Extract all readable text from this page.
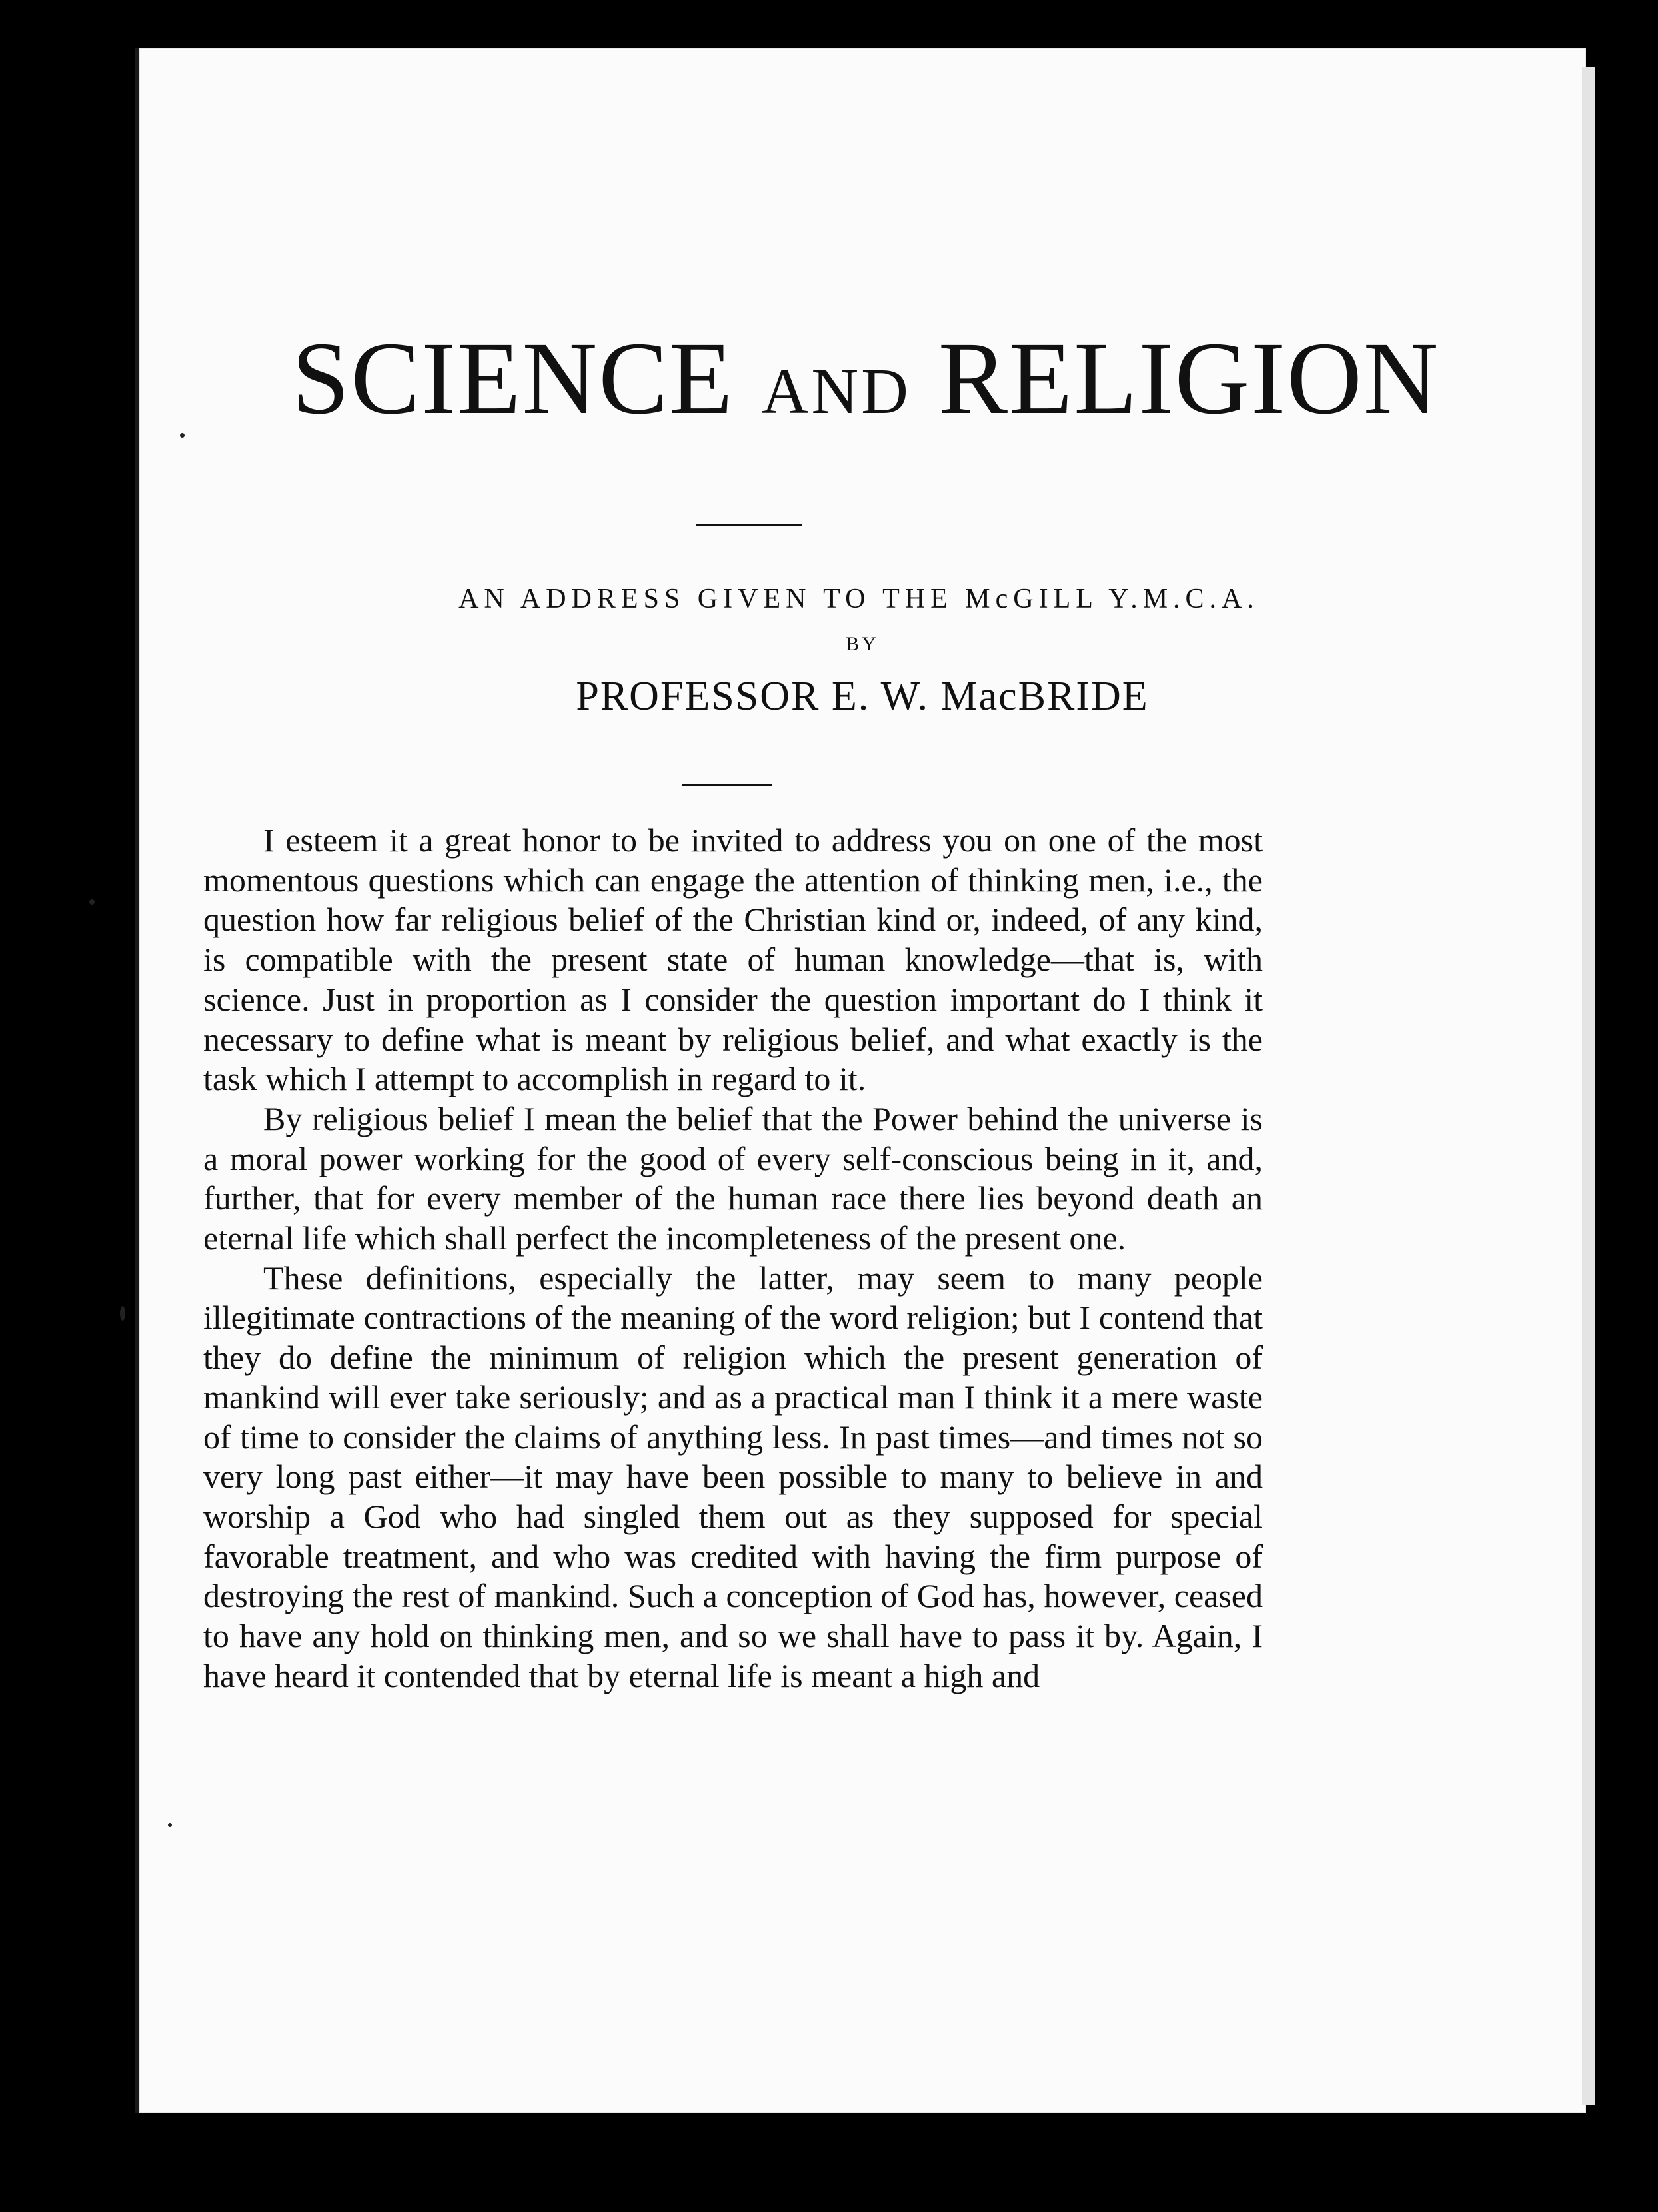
SCIENCE AND RELIGION
AN ADDRESS GIVEN TO THE McGILL Y.M.C.A.
BY
PROFESSOR E. W. MacBRIDE

I esteem it a great honor to be invited to address you on one of the most momentous questions which can engage the attention of thinking men, i.e., the question how far religious belief of the Christian kind or, indeed, of any kind, is compatible with the present state of human knowledge—that is, with science. Just in proportion as I consider the question important do I think it necessary to define what is meant by religious belief, and what exactly is the task which I attempt to accomplish in regard to it.

By religious belief I mean the belief that the Power behind the universe is a moral power working for the good of every self-conscious being in it, and, further, that for every member of the human race there lies beyond death an eternal life which shall perfect the incompleteness of the present one.

These definitions, especially the latter, may seem to many people illegitimate contractions of the meaning of the word religion; but I contend that they do define the minimum of religion which the present generation of mankind will ever take seriously; and as a practical man I think it a mere waste of time to consider the claims of anything less. In past times—and times not so very long past either—it may have been possible to many to believe in and worship a God who had singled them out as they supposed for special favorable treatment, and who was credited with having the firm purpose of destroying the rest of mankind. Such a conception of God has, however, ceased to have any hold on thinking men, and so we shall have to pass it by. Again, I have heard it contended that by eternal life is meant a high and
